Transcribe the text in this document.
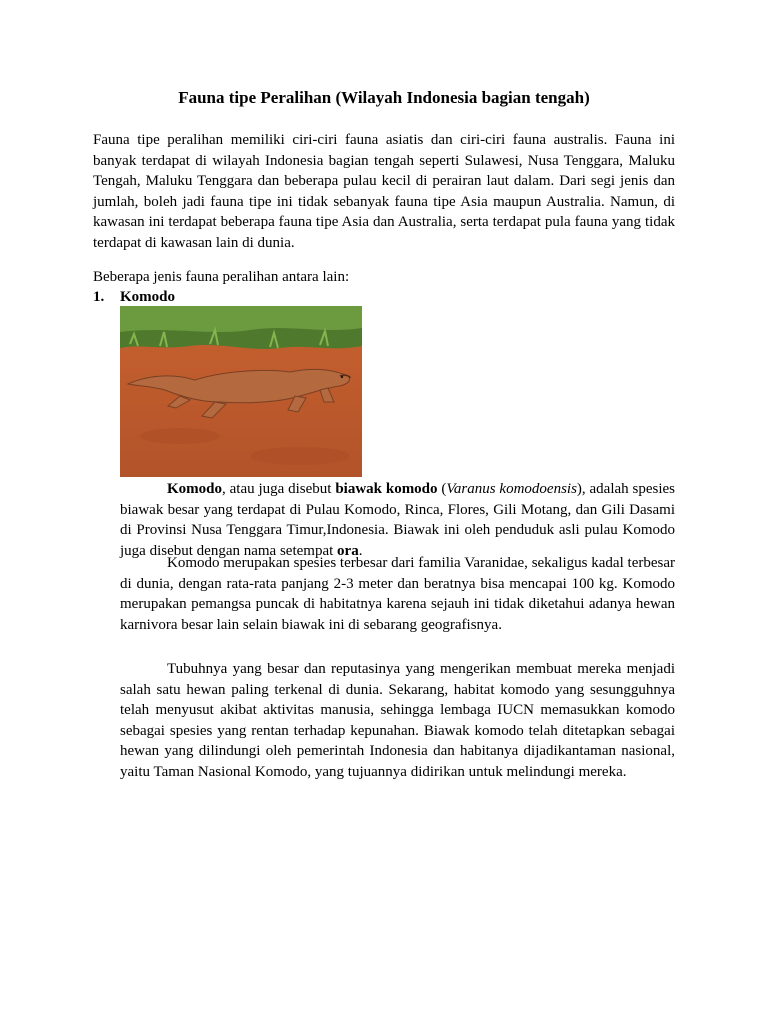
Fauna tipe Peralihan (Wilayah Indonesia bagian tengah)

Fauna tipe peralihan memiliki ciri-ciri fauna asiatis dan ciri-ciri fauna australis. Fauna ini banyak terdapat di wilayah Indonesia bagian tengah seperti Sulawesi, Nusa Tenggara, Maluku Tengah, Maluku Tenggara dan beberapa pulau kecil di perairan laut dalam. Dari segi jenis dan jumlah, boleh jadi fauna tipe ini tidak sebanyak fauna tipe Asia maupun Australia. Namun, di kawasan ini terdapat beberapa fauna tipe Asia dan Australia, serta terdapat pula fauna yang tidak terdapat di kawasan lain di dunia.

Beberapa jenis fauna peralihan antara lain:

1. Komodo

Komodo, atau juga disebut biawak komodo (Varanus komodoensis), adalah spesies biawak besar yang terdapat di Pulau Komodo, Rinca, Flores, Gili Motang, dan Gili Dasami di Provinsi Nusa Tenggara Timur,Indonesia. Biawak ini oleh penduduk asli pulau Komodo juga disebut dengan nama setempat ora.

Komodo merupakan spesies terbesar dari familia Varanidae, sekaligus kadal terbesar di dunia, dengan rata-rata panjang 2-3 meter dan beratnya bisa mencapai 100 kg. Komodo merupakan pemangsa puncak di habitatnya karena sejauh ini tidak diketahui adanya hewan karnivora besar lain selain biawak ini di sebarang geografisnya.

Tubuhnya yang besar dan reputasinya yang mengerikan membuat mereka menjadi salah satu hewan paling terkenal di dunia. Sekarang, habitat komodo yang sesungguhnya telah menyusut akibat aktivitas manusia, sehingga lembaga IUCN memasukkan komodo sebagai spesies yang rentan terhadap kepunahan. Biawak komodo telah ditetapkan sebagai hewan yang dilindungi oleh pemerintah Indonesia dan habitanya dijadikantaman nasional, yaitu Taman Nasional Komodo, yang tujuannya didirikan untuk melindungi mereka.
